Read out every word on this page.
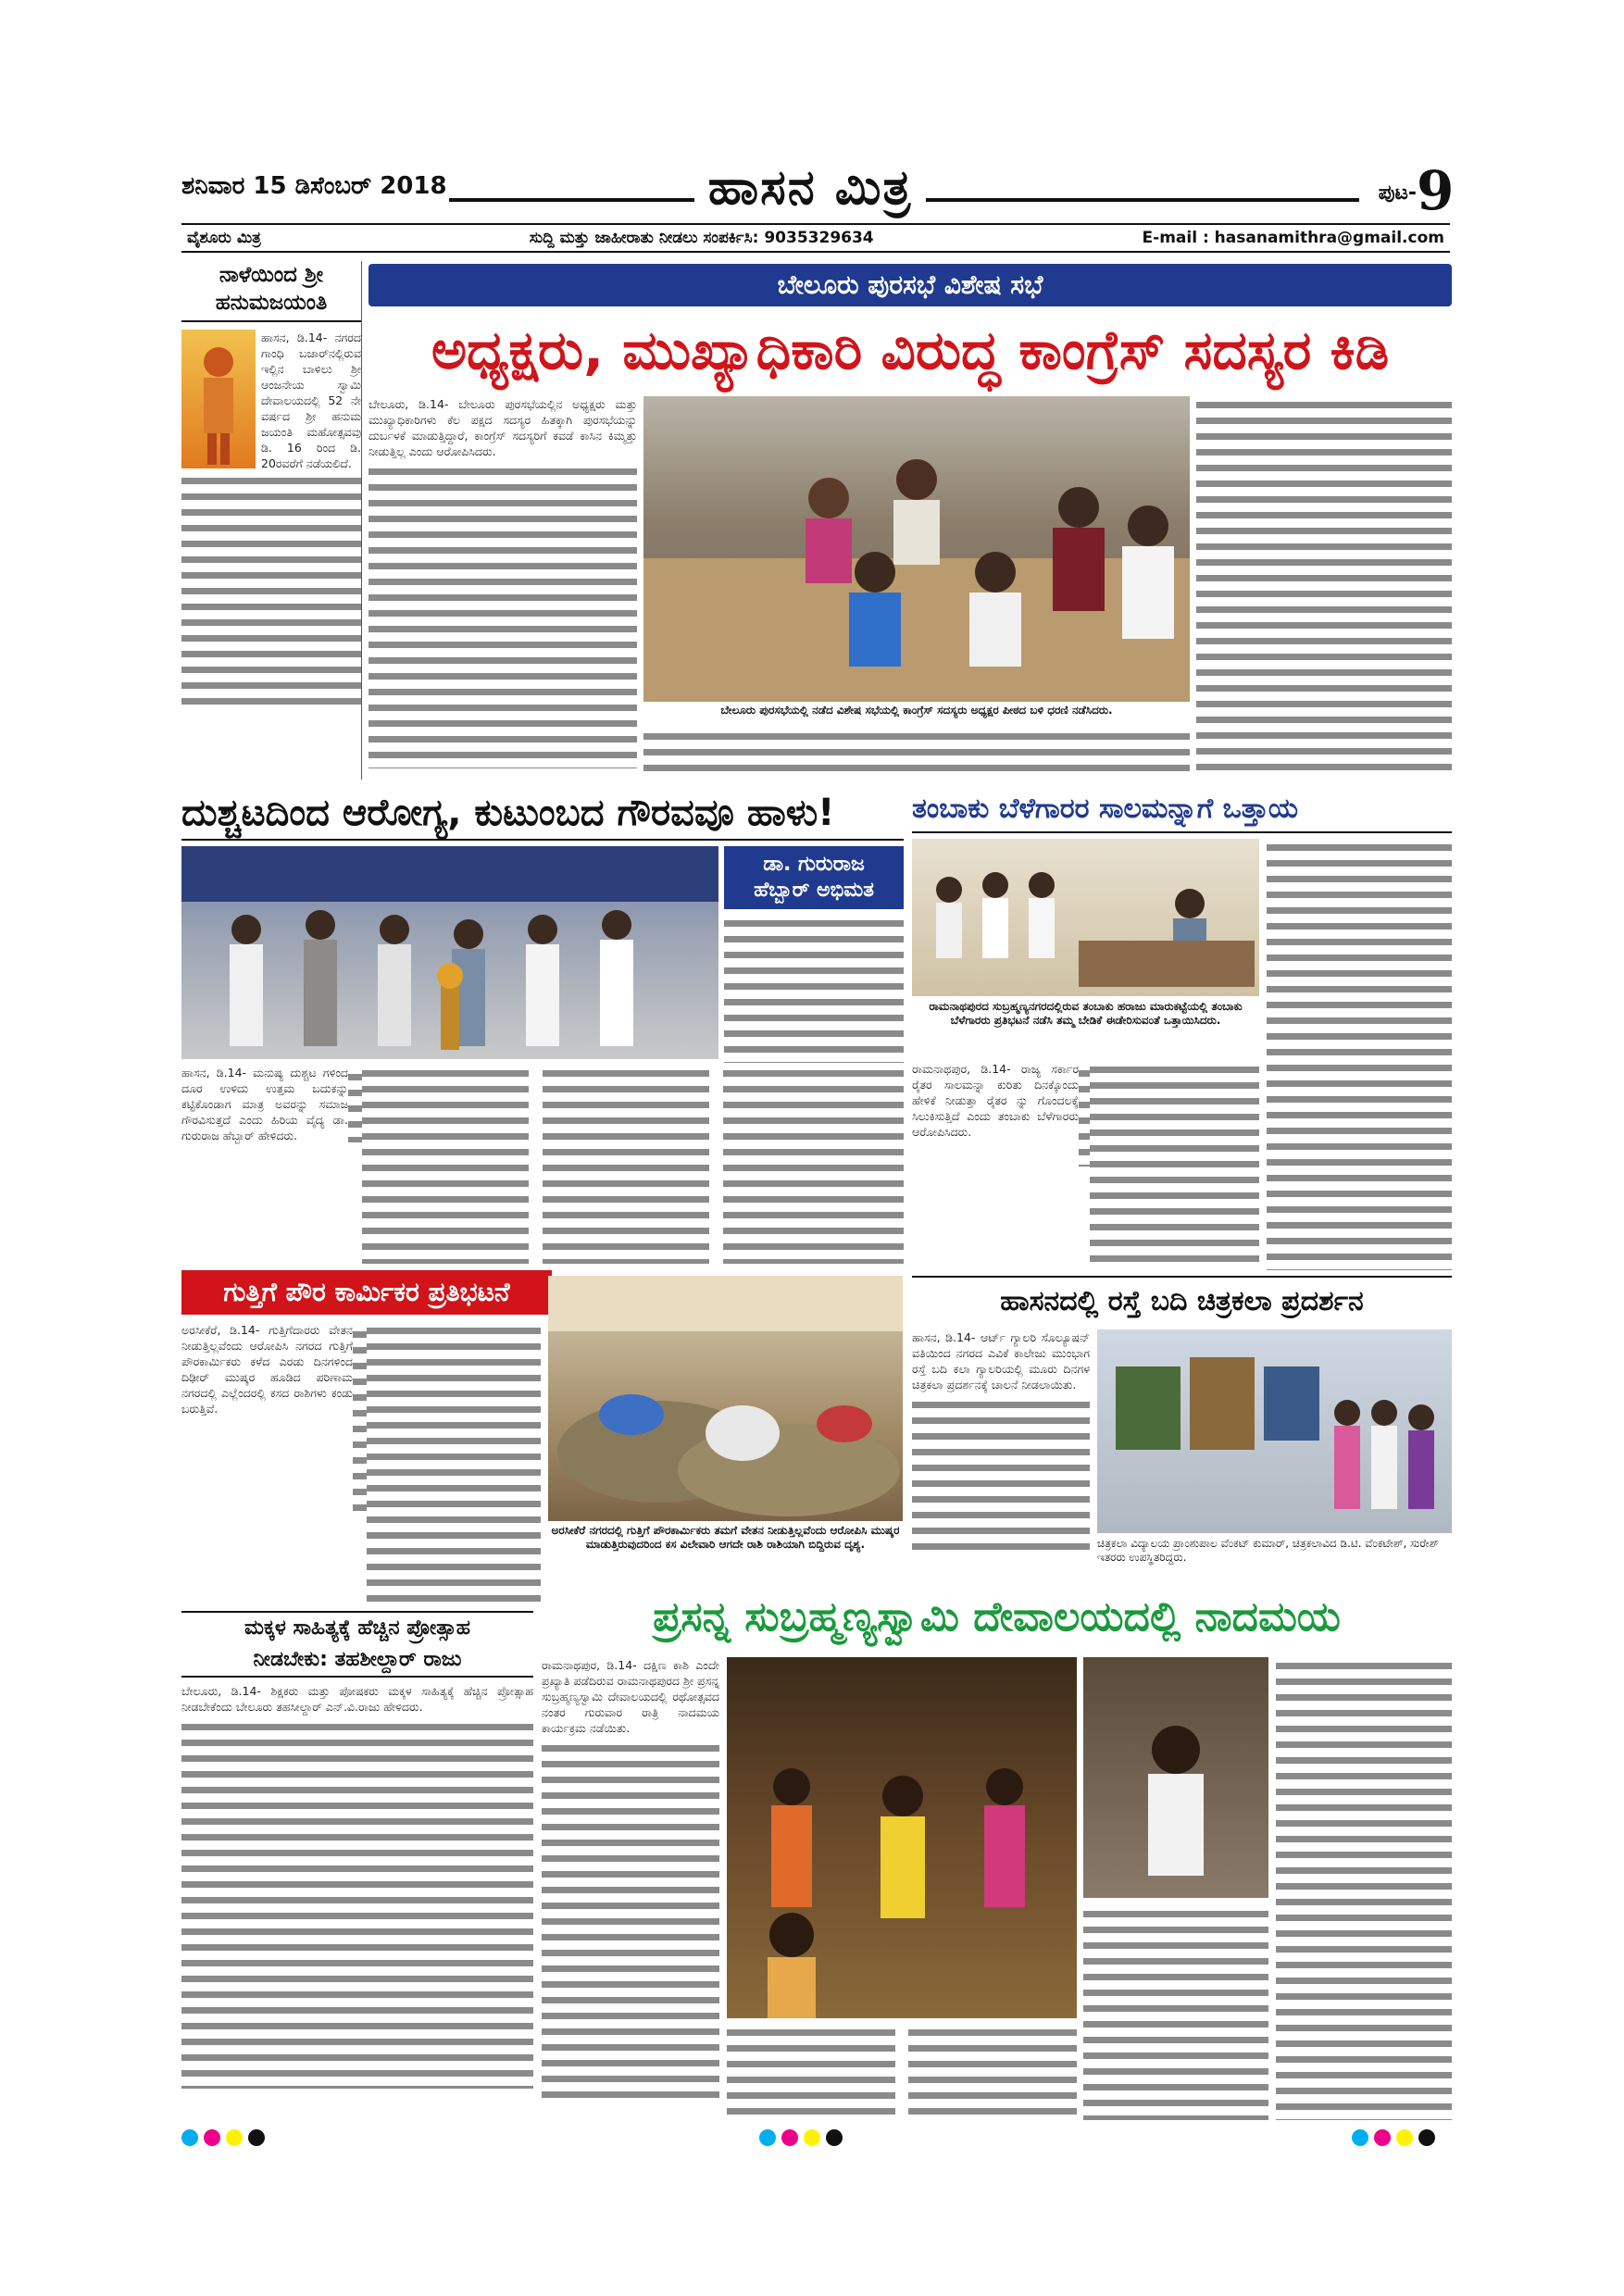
ಶನಿವಾರ 15 ಡಿಸೆಂಬರ್ 2018	ಹಾಸನ ಮಿತ್ರ	ಪುಟ- 9
ವೈಶೂರು ಮಿತ್ರ	ಸುದ್ದಿ ಮತ್ತು ಜಾಹೀರಾತು ನೀಡಲು ಸಂಪರ್ಕಿಸಿ: 9035329634	E-mail : hasanamithra@gmail.com
ನಾಳೆಯಿಂದ ಶ್ರೀ
ಹನುಮಜಯಂತಿ
ಹಾಸನ, ಡಿ.14- ನಗರದ ಗಾಂಧಿ ಬಜಾರ್‌ನಲ್ಲಿರುವ ಇಲ್ಲಿನ ಬಾಳಿಲು ಶ್ರೀ ಆಂಜನೇಯ ಸ್ವಾಮಿ ದೇವಾಲಯದಲ್ಲಿ 52 ನೇ ವರ್ಷದ ಶ್ರೀ ಹನುಮ ಜಯಂತಿ ಮಹೋತ್ಸವವು ಡಿ. 16 ರಿಂದ ಡಿ. 20ರವರೆಗೆ ನಡೆಯಲಿದೆ.
ಬೇಲೂರು ಪುರಸಭೆ ವಿಶೇಷ ಸಭೆ
ಅಧ್ಯಕ್ಷರು, ಮುಖ್ಯಾಧಿಕಾರಿ ವಿರುದ್ಧ ಕಾಂಗ್ರೆಸ್ ಸದಸ್ಯರ ಕಿಡಿ
ಬೇಲೂರು, ಡಿ.14- ಬೇಲೂರು ಪುರಸಭೆಯಲ್ಲಿನ ಅಧ್ಯಕ್ಷರು ಮತ್ತು ಮುಖ್ಯಾಧಿಕಾರಿಗಳು ಕೆಲ ಪಕ್ಷದ ಸದಸ್ಯರ ಹಿತಕ್ಕಾಗಿ ಪುರಸಭೆಯನ್ನು ದುರ್ಬಳಕೆ ಮಾಡುತ್ತಿದ್ದಾರೆ, ಕಾಂಗ್ರೆಸ್ ಸದಸ್ಯರಿಗೆ ಕವಡೆ ಕಾಸಿನ ಕಿಮ್ಮತ್ತು ನೀಡುತ್ತಿಲ್ಲ ಎಂದು ಆರೋಪಿಸಿದರು.
ಬೇಲೂರು ಪುರಸಭೆಯಲ್ಲಿ ನಡೆದ ವಿಶೇಷ ಸಭೆಯಲ್ಲಿ ಕಾಂಗ್ರೆಸ್ ಸದಸ್ಯರು ಅಧ್ಯಕ್ಷರ ಪೀಠದ ಬಳಿ ಧರಣಿ ನಡೆಸಿದರು.
ದುಶ್ಚಟದಿಂದ ಆರೋಗ್ಯ, ಕುಟುಂಬದ ಗೌರವವೂ ಹಾಳು!
ಡಾ. ಗುರುರಾಜ
ಹೆಬ್ಬಾರ್ ಅಭಿಮತ
ಹಾಸನ, ಡಿ.14- ಮನುಷ್ಯ ದುಶ್ಚಟ ಗಳಿಂದ ದೂರ ಉಳಿದು ಉತ್ತಮ ಬದುಕನ್ನು ಕಟ್ಟಿಕೊಂಡಾಗ ಮಾತ್ರ ಅವರನ್ನು ಸಮಾಜ ಗೌರವಿಸುತ್ತದೆ ಎಂದು ಹಿರಿಯ ವೈದ್ಯ ಡಾ. ಗುರುರಾಜ ಹೆಬ್ಬಾರ್ ಹೇಳಿದರು.
ತಂಬಾಕು ಬೆಳೆಗಾರರ ಸಾಲಮನ್ನಾಗೆ ಒತ್ತಾಯ
ರಾಮನಾಥಪುರದ ಸುಬ್ರಹ್ಮಣ್ಯನಗರದಲ್ಲಿರುವ ತಂಬಾಕು ಹರಾಜು ಮಾರುಕಟ್ಟೆಯಲ್ಲಿ ತಂಬಾಕು ಬೆಳೆಗಾರರು ಪ್ರತಿಭಟನೆ ನಡೆಸಿ ತಮ್ಮ ಬೇಡಿಕೆ ಈಡೇರಿಸುವಂತೆ ಒತ್ತಾಯಿಸಿದರು.
ರಾಮನಾಥಪುರ, ಡಿ.14- ರಾಜ್ಯ ಸರ್ಕಾರ ರೈತರ ಸಾಲಮನ್ನಾ ಕುರಿತು ದಿನಕ್ಕೊಂದು ಹೇಳಿಕೆ ನೀಡುತ್ತಾ ರೈತರ ನ್ನು ಗೊಂದಲಕ್ಕೆ ಸಿಲುಕಿಸುತ್ತಿದೆ ಎಂದು ತಂಬಾಕು ಬೆಳೆಗಾರರು ಆರೋಪಿಸಿದರು.
ಗುತ್ತಿಗೆ ಪೌರ ಕಾರ್ಮಿಕರ ಪ್ರತಿಭಟನೆ
ಅರಸೀಕೆರೆ, ಡಿ.14- ಗುತ್ತಿಗೆದಾರರು ವೇತನ ನೀಡುತ್ತಿಲ್ಲವೆಂದು ಆರೋಪಿಸಿ ನಗರದ ಗುತ್ತಿಗೆ ಪೌರಕಾರ್ಮಿಕರು ಕಳೆದ ಎರಡು ದಿನಗಳಿಂದ ದಿಢೀರ್ ಮುಷ್ಕರ ಹೂಡಿದ ಪರಿಣಾಮ ನಗರದಲ್ಲಿ ಎಲ್ಲೆಂದರಲ್ಲಿ ಕಸದ ರಾಶಿಗಳು ಕಂಡು ಬರುತ್ತಿವೆ.
ಅರಸೀಕೆರೆ ನಗರದಲ್ಲಿ ಗುತ್ತಿಗೆ ಪೌರಕಾರ್ಮಿಕರು ತಮಗೆ ವೇತನ ನೀಡುತ್ತಿಲ್ಲವೆಂದು ಆರೋಪಿಸಿ ಮುಷ್ಕರ ಮಾಡುತ್ತಿರುವುದರಿಂದ ಕಸ ವಿಲೇವಾರಿ ಆಗದೇ ರಾಶಿ ರಾಶಿಯಾಗಿ ಬಿದ್ದಿರುವ ದೃಶ್ಯ.
ಹಾಸನದಲ್ಲಿ ರಸ್ತೆ ಬದಿ ಚಿತ್ರಕಲಾ ಪ್ರದರ್ಶನ
ಹಾಸನ, ಡಿ.14- ಆರ್ಟ್ ಗ್ಯಾಲರಿ ಸೊಲ್ಯೂಷನ್ ವತಿಯಿಂದ ನಗರದ ಎವಿಕೆ ಕಾಲೇಜು ಮುಂಭಾಗ ರಸ್ತೆ ಬದಿ ಕಲಾ ಗ್ಯಾಲರಿಯಲ್ಲಿ ಮೂರು ದಿನಗಳ ಚಿತ್ರಕಲಾ ಪ್ರದರ್ಶನಕ್ಕೆ ಚಾಲನೆ ನೀಡಲಾಯಿತು.
ಚಿತ್ರಕಲಾ ವಿದ್ಯಾಲಯ ಪ್ರಾಂಶುಪಾಲ ವೆಂಕಟ್ ಕುಮಾರ್, ಚಿತ್ರಕಲಾವಿದ ಡಿ.ಟಿ. ವೆಂಕಟೇಶ್, ಸುರೇಶ್ ಇತರರು ಉಪಸ್ಥಿತರಿದ್ದರು.
ಮಕ್ಕಳ ಸಾಹಿತ್ಯಕ್ಕೆ ಹೆಚ್ಚಿನ ಪ್ರೋತ್ಸಾಹ
ನೀಡಬೇಕು: ತಹಶೀಲ್ದಾರ್ ರಾಜು
ಬೇಲೂರು, ಡಿ.14- ಶಿಕ್ಷಕರು ಮತ್ತು ಪೋಷಕರು ಮಕ್ಕಳ ಸಾಹಿತ್ಯಕ್ಕೆ ಹೆಚ್ಚಿನ ಪ್ರೋತ್ಸಾಹ ನೀಡಬೇಕೆಂದು ಬೇಲೂರು ತಹಸೀಲ್ದಾರ್ ಎನ್.ವಿ.ರಾಜು ಹೇಳಿದರು.
ಪ್ರಸನ್ನ ಸುಬ್ರಹ್ಮಣ್ಯಸ್ವಾಮಿ ದೇವಾಲಯದಲ್ಲಿ ನಾದಮಯ
ರಾಮನಾಥಪುರ, ಡಿ.14- ದಕ್ಷಿಣ ಕಾಶಿ ಎಂದೇ ಪ್ರಖ್ಯಾತಿ ಪಡೆದಿರುವ ರಾಮನಾಥಪುರದ ಶ್ರೀ ಪ್ರಸನ್ನ ಸುಬ್ರಹ್ಮಣ್ಯಸ್ವಾಮಿ ದೇವಾಲಯದಲ್ಲಿ ರಥೋತ್ಸವದ ನಂತರ ಗುರುವಾರ ರಾತ್ರಿ ನಾದಮಯ ಕಾರ್ಯಕ್ರಮ ನಡೆಯಿತು.
